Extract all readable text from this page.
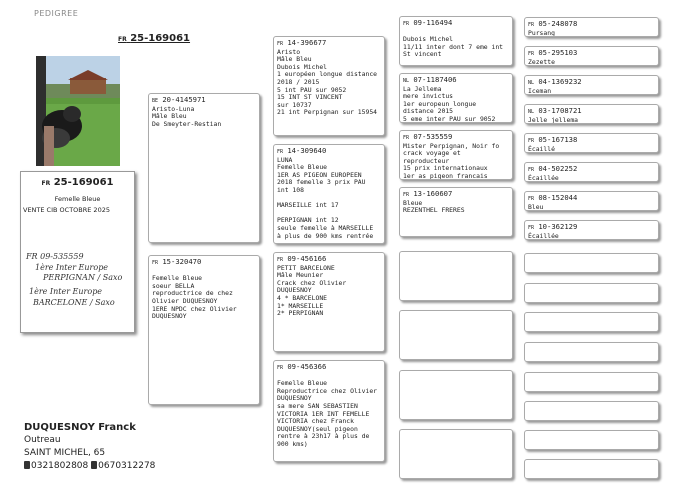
PEDIGREE
FR 25-169061
FR 25-169061
Femelle Bleue
VENTE CIB OCTOBRE 2025
FR 09-535559
1ère Inter Europe
PERPIGNAN / Saxo
1ère Inter Europe
BARCELONE / Saxo
DUQUESNOY Franck
Outreau
SAINT MICHEL, 65
0321802808 0670312278
BE 20-4145971
Aristo-Luna
Mâle Bleu
De Smeyter-Restian
FR 15-320470

Femelle Bleue
soeur BELLA
reproductrice de chez
Olivier DUQUESNOY
1ERE NPDC chez Olivier
DUQUESNOY
FR 14-396677
Aristo
Mâle Bleu
Dubois Michel
1 européen longue distance
2018 / 2015
5 int PAU sur 9052
15 INT ST VINCENT
sur 10737
21 int Perpignan sur 15954
FR 14-309640
LUNA
Femelle Bleue
1ER AS PIGEON EUROPEEN
2018 femelle 3 prix PAU
int 108

MARSEILLE int 17

PERPIGNAN int 12
seule femelle à MARSEILLE
à plus de 900 kms rentrée
FR 09-456166
PETIT BARCELONE
Mâle Meunier
Crack chez Olivier
DUQUESNOY
4 * BARCELONE
1* MARSEILLE
2* PERPIGNAN
FR 09-456366

Femelle Bleue
Reproductrice chez Olivier
DUQUESNOY
sa mere SAN SEBASTIEN
VICTORIA 1ER INT FEMELLE
VICTORIA chez Franck
DUQUESNOY(seul pigeon
rentre à 23h17 à plus de
900 kms)
FR 09-116494

Dubois Michel
11/11 inter dont 7 eme int
St vincent
NL 07-1187406
La Jellema
mere invictus
1er europeun longue
distance 2015
5 eme inter PAU sur 9052
FR 07-535559
Mister Perpignan, Noir fo
crack voyage et
reproducteur
15 prix internationaux
1er as pigeon francais
FR 13-160607
Bleue
REZENTHEL FRERES
FR 05-248078
Pursang
FR 05-295103
Zezette
NL 04-1369232
Iceman
NL 03-1708721
Jelle jellema
FR 05-167138
Écaillé
FR 04-502252
Écaillée
FR 08-152044
Bleu
FR 10-362129
Écaillée
